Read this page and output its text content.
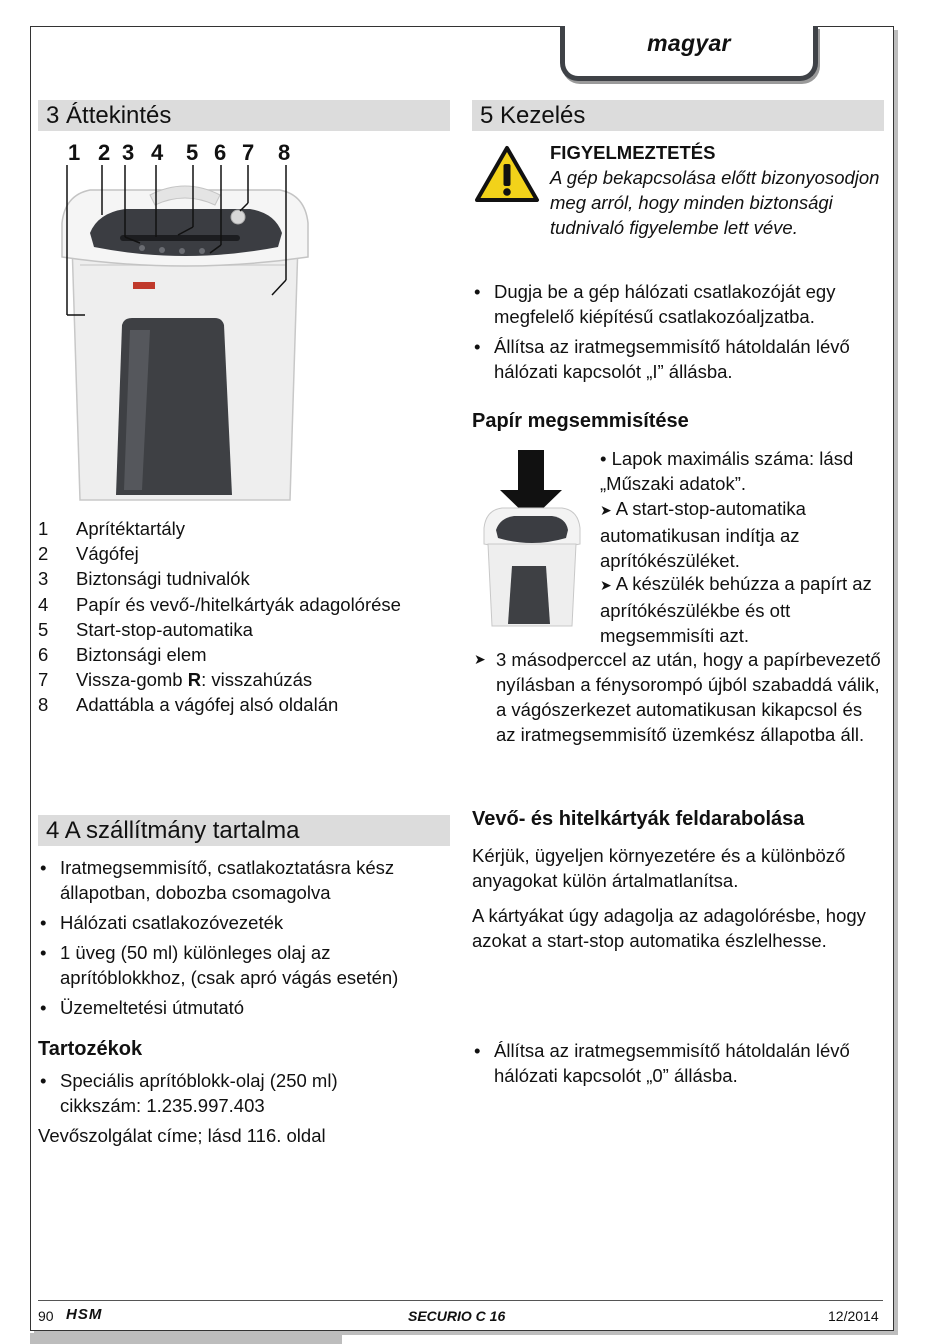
magyar
3 Áttekintés
1 2 3 4 5 6 7 8
1 Aprítéktartály
2 Vágófej
3 Biztonsági tudnivalók
4 Papír és vevő-/hitelkártyák adagolórése
5 Start-stop-automatika
6 Biztonsági elem
7 Vissza-gomb R: visszahúzás
8 Adattábla a vágófej alsó oldalán
4 A szállítmány tartalma
• Iratmegsemmisítő, csatlakoztatásra kész állapotban, dobozba csomagolva
• Hálózati csatlakozóvezeték
• 1 üveg (50 ml) különleges olaj az aprítóblokkhoz, (csak apró vágás esetén)
• Üzemeltetési útmutató
Tartozékok
• Speciális aprítóblokk-olaj (250 ml) cikkszám: 1.235.997.403
Vevőszolgálat címe; lásd 116. oldal
5 Kezelés
FIGYELMEZTETÉS
A gép bekapcsolása előtt bizonyosodjon meg arról, hogy minden biztonsági tudnivaló figyelembe lett véve.
• Dugja be a gép hálózati csatlakozóját egy megfelelő kiépítésű csatlakozóaljzatba.
• Állítsa az iratmegsemmisítő hátoldalán lévő hálózati kapcsolót „I” állásba.
Papír megsemmisítése
• Lapok maximális száma: lásd „Műszaki adatok”.
➤ A start-stop-automatika automatikusan indítja az aprítókészüléket.
➤ A készülék behúzza a papírt az aprítókészülékbe és ott megsemmisíti azt.
➤ 3 másodperccel az után, hogy a papírbevezető nyílásban a fénysorompó újból szabaddá válik, a vágószerkezet automatikusan kikapcsol és az iratmegsemmisítő üzemkész állapotba áll.
Vevő- és hitelkártyák feldarabolása
Kérjük, ügyeljen környezetére és a különböző anyagokat külön ártalmatlanítsa.
A kártyákat úgy adagolja az adagolórésbe, hogy azokat a start-stop automatika észlelhesse.
• Állítsa az iratmegsemmisítő hátoldalán lévő hálózati kapcsolót „0” állásba.
90 HSM	SECURIO C 16	12/2014
